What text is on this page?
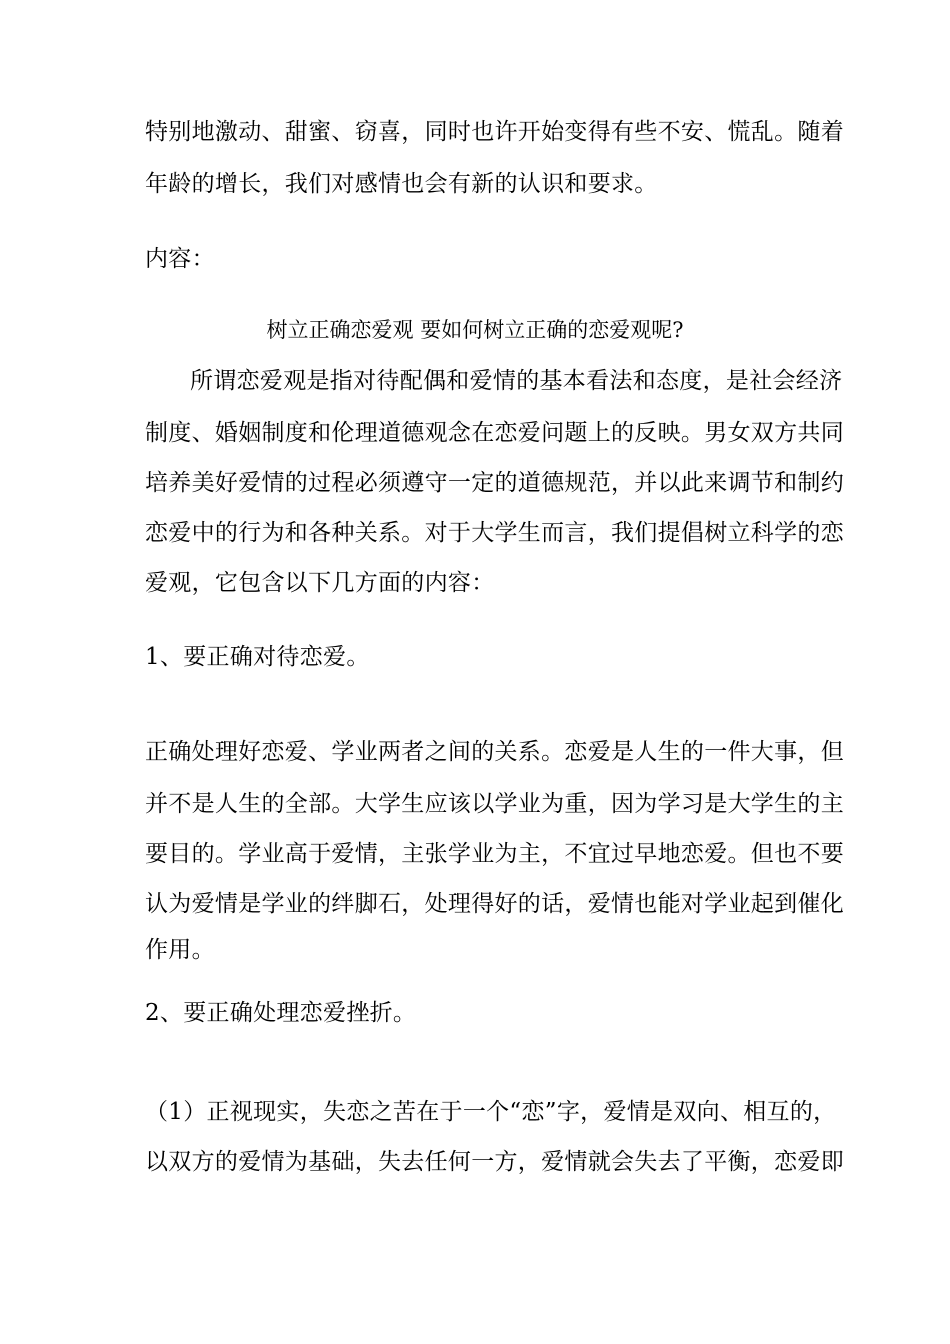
特别地激动、甜蜜、窃喜，同时也许开始变得有些不安、慌乱。随着
年龄的增长，我们对感情也会有新的认识和要求。
内容：
树立正确恋爱观 要如何树立正确的恋爱观呢?
所谓恋爱观是指对待配偶和爱情的基本看法和态度，是社会经济
制度、婚姻制度和伦理道德观念在恋爱问题上的反映。男女双方共同
培养美好爱情的过程必须遵守一定的道德规范，并以此来调节和制约
恋爱中的行为和各种关系。对于大学生而言，我们提倡树立科学的恋
爱观，它包含以下几方面的内容：
1、要正确对待恋爱。
正确处理好恋爱、学业两者之间的关系。恋爱是人生的一件大事，但
并不是人生的全部。大学生应该以学业为重，因为学习是大学生的主
要目的。学业高于爱情，主张学业为主，不宜过早地恋爱。但也不要
认为爱情是学业的绊脚石，处理得好的话，爱情也能对学业起到催化
作用。
2、要正确处理恋爱挫折。
（1）正视现实，失恋之苦在于一个“恋”字，爱情是双向、相互的，
以双方的爱情为基础，失去任何一方，爱情就会失去了平衡，恋爱即
